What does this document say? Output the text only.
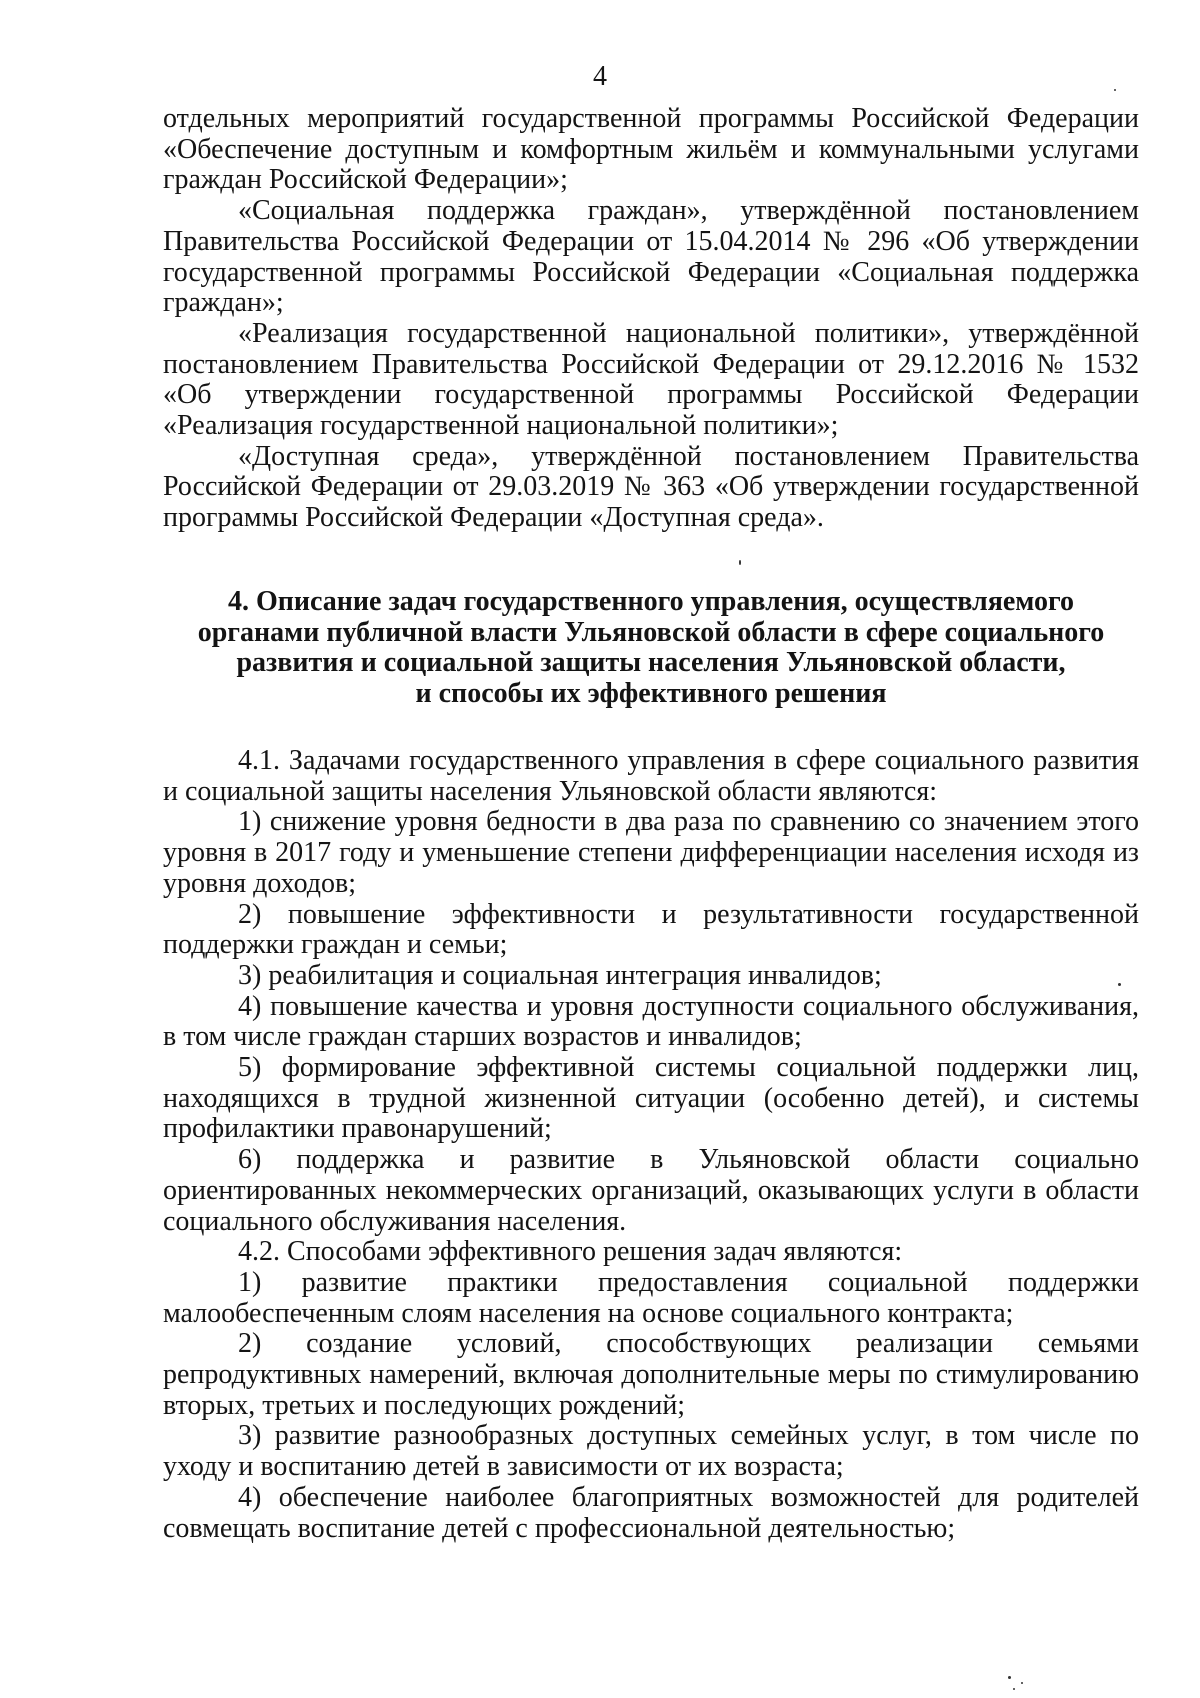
4

отдельных мероприятий государственной программы Российской Федерации «Обеспечение доступным и комфортным жильём и коммунальными услугами граждан Российской Федерации»;

«Социальная поддержка граждан», утверждённой постановлением Правительства Российской Федерации от 15.04.2014 № 296 «Об утверждении государственной программы Российской Федерации «Социальная поддержка граждан»;

«Реализация государственной национальной политики», утверждённой постановлением Правительства Российской Федерации от 29.12.2016 № 1532 «Об утверждении государственной программы Российской Федерации «Реализация государственной национальной политики»;

«Доступная среда», утверждённой постановлением Правительства Российской Федерации от 29.03.2019 № 363 «Об утверждении государственной программы Российской Федерации «Доступная среда».

4. Описание задач государственного управления, осуществляемого

органами публичной власти Ульяновской области в сфере социального

развития и социальной защиты населения Ульяновской области,

и способы их эффективного решения

4.1. Задачами государственного управления в сфере социального развития и социальной защиты населения Ульяновской области являются:

1) снижение уровня бедности в два раза по сравнению со значением этого уровня в 2017 году и уменьшение степени дифференциации населения исходя из уровня доходов;

2) повышение эффективности и результативности государственной поддержки граждан и семьи;

3) реабилитация и социальная интеграция инвалидов;

4) повышение качества и уровня доступности социального обслуживания, в том числе граждан старших возрастов и инвалидов;

5) формирование эффективной системы социальной поддержки лиц, находящихся в трудной жизненной ситуации (особенно детей), и системы профилактики правонарушений;

6) поддержка и развитие в Ульяновской области социально ориентированных некоммерческих организаций, оказывающих услуги в области социального обслуживания населения.

4.2. Способами эффективного решения задач являются:

1) развитие практики предоставления социальной поддержки малообеспеченным слоям населения на основе социального контракта;

2) создание условий, способствующих реализации семьями репродуктивных намерений, включая дополнительные меры по стимулированию вторых, третьих и последующих рождений;

3) развитие разнообразных доступных семейных услуг, в том числе по уходу и воспитанию детей в зависимости от их возраста;

4) обеспечение наиболее благоприятных возможностей для родителей совмещать воспитание детей с профессиональной деятельностью;
